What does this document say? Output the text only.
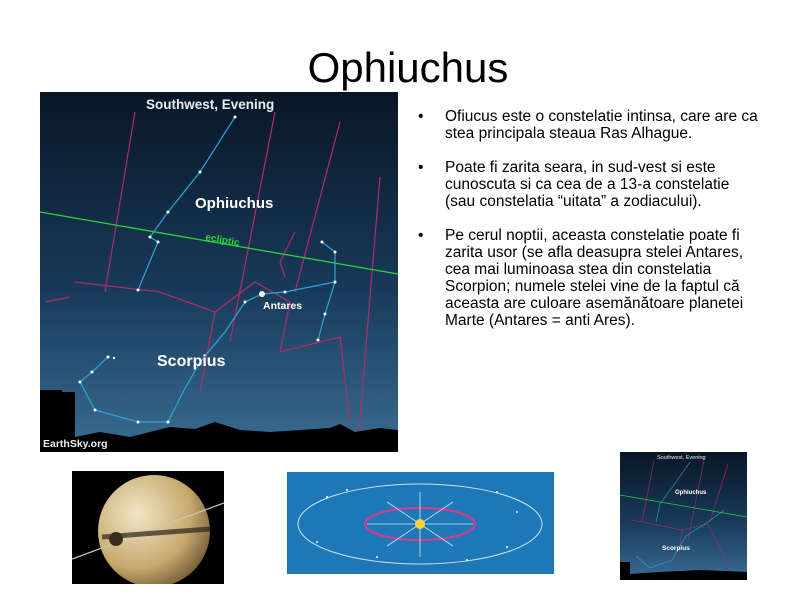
Ophiuchus
ecliptic
Southwest, Evening
Ophiuchus
Antares
Scorpius
EarthSky.org
• Ofiucus este o constelatie intinsa, care are ca stea principala steaua Ras Alhague.
• Poate fi zarita seara, in sud-vest si este cunoscuta si ca cea de a 13-a constelatie (sau constelatia “uitata” a zodiacului).
• Pe cerul noptii, aceasta constelatie poate fi zarita usor (se afla deasupra stelei Antares, cea mai luminoasa stea din constelatia Scorpion; numele stelei vine de la faptul că aceasta are culoare asemănătoare planetei Marte (Antares = anti Ares).
Southwest, Evening
Ophiuchus
Scorpius
